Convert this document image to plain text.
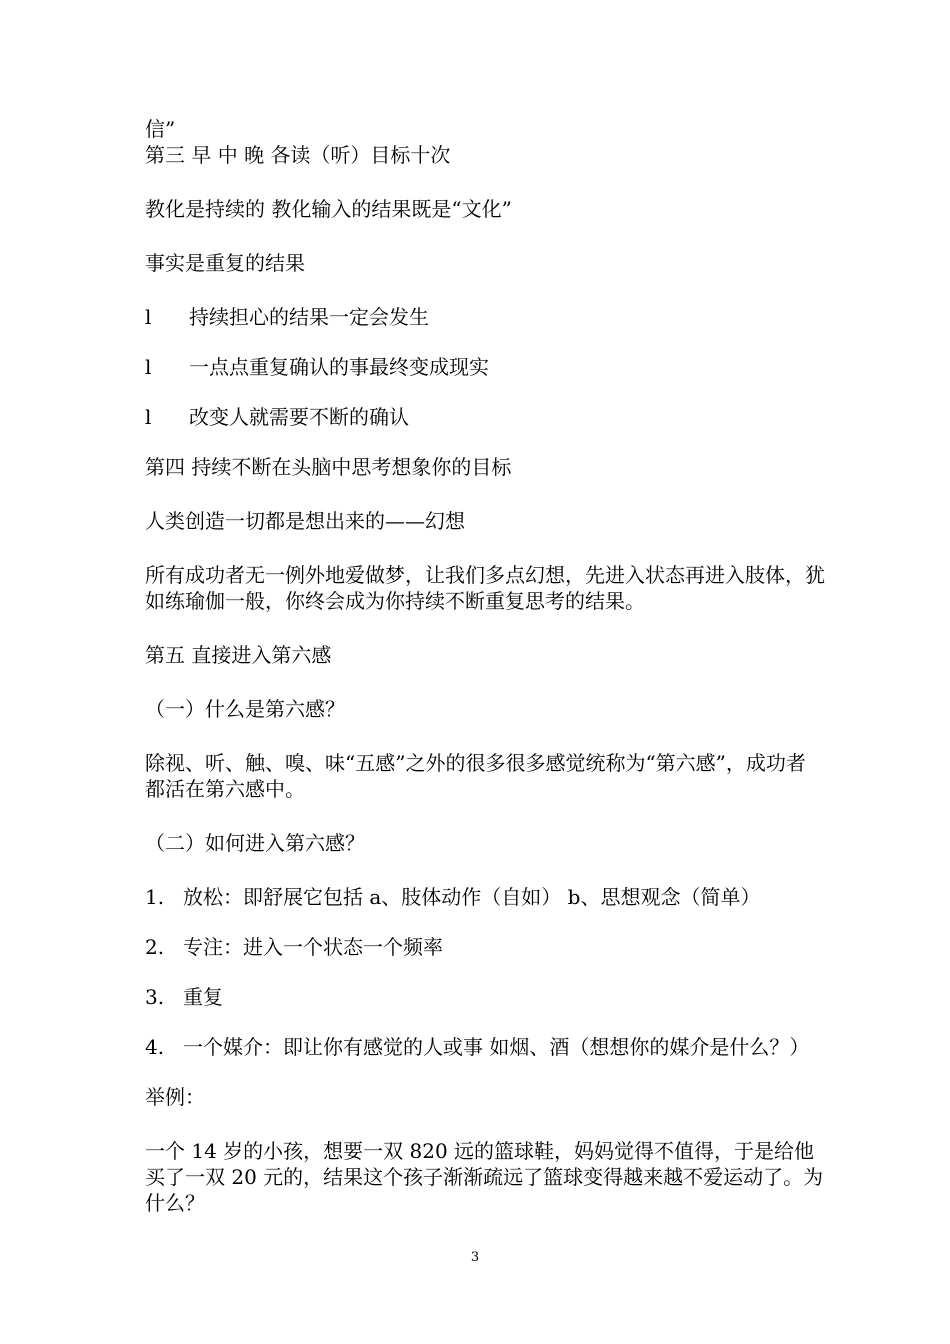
信”

第三 早 中 晚 各读（听）目标十次

教化是持续的 教化输入的结果既是“文化”

事实是重复的结果

l	持续担心的结果一定会发生
l	一点点重复确认的事最终变成现实
l	改变人就需要不断的确认

第四 持续不断在头脑中思考想象你的目标

人类创造一切都是想出来的——幻想

所有成功者无一例外地爱做梦，让我们多点幻想，先进入状态再进入肢体，犹如练瑜伽一般，你终会成为你持续不断重复思考的结果。

第五 直接进入第六感

（一）什么是第六感？

除视、听、触、嗅、味“五感”之外的很多很多感觉统称为“第六感”，成功者都活在第六感中。

（二）如何进入第六感？

1. 放松：即舒展它包括 a、肢体动作（自如） b、思想观念（简单）
2. 专注：进入一个状态一个频率
3. 重复
4. 一个媒介：即让你有感觉的人或事 如烟、酒（想想你的媒介是什么？）

举例：

一个 14 岁的小孩，想要一双 820 远的篮球鞋，妈妈觉得不值得，于是给他买了一双 20 元的，结果这个孩子渐渐疏远了篮球变得越来越不爱运动了。为什么？

3
